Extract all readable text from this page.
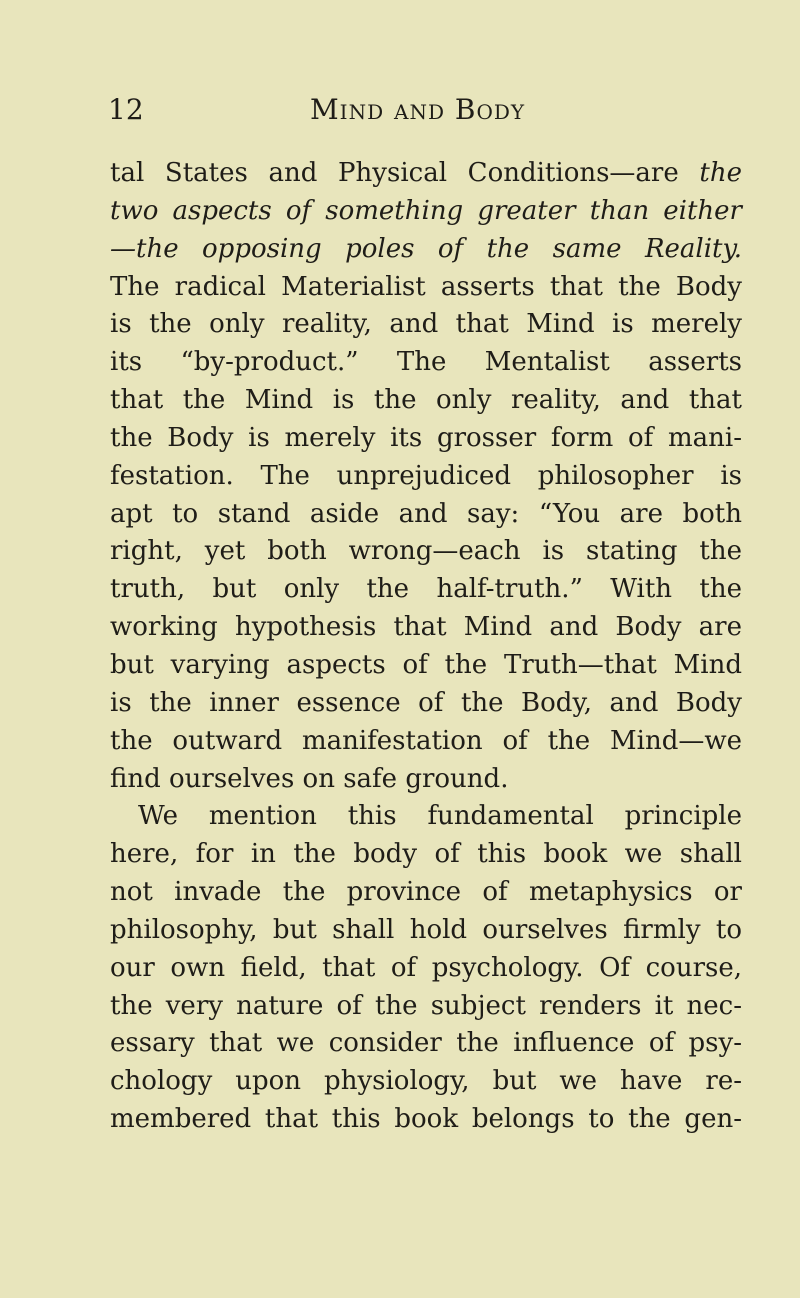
12	Mind and Body
tal States and Physical Conditions—are the
two aspects of something greater than either
—the opposing poles of the same Reality.
The radical Materialist asserts that the Body
is the only reality, and that Mind is merely
its “by-product.” The Mentalist asserts
that the Mind is the only reality, and that
the Body is merely its grosser form of mani-
festation. The unprejudiced philosopher is
apt to stand aside and say: “You are both
right, yet both wrong—each is stating the
truth, but only the half-truth.” With the
working hypothesis that Mind and Body are
but varying aspects of the Truth—that Mind
is the inner essence of the Body, and Body
the outward manifestation of the Mind—we
find ourselves on safe ground.
We mention this fundamental principle
here, for in the body of this book we shall
not invade the province of metaphysics or
philosophy, but shall hold ourselves firmly to
our own field, that of psychology. Of course,
the very nature of the subject renders it nec-
essary that we consider the influence of psy-
chology upon physiology, but we have re-
membered that this book belongs to the gen-
